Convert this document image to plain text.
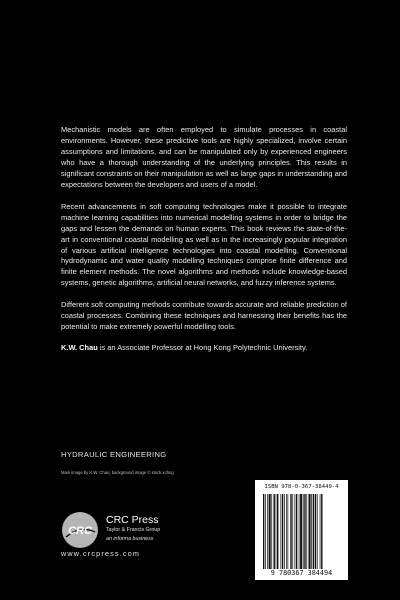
Mechanistic models are often employed to simulate processes in coastal environments. However, these predictive tools are highly specialized, involve certain assumptions and limitations, and can be manipulated only by experienced engineers who have a thorough understanding of the underlying principles. This results in significant constraints on their manipulation as well as large gaps in understanding and expectations between the developers and users of a model.

Recent advancements in soft computing technologies make it possible to integrate machine learning capabilities into numerical modelling systems in order to bridge the gaps and lessen the demands on human experts. This book reviews the state-of-the-art in conventional coastal modelling as well as in the increasingly popular integration of various artificial intelligence technologies into coastal modelling. Conventional hydrodynamic and water quality modelling techniques comprise finite difference and finite element methods. The novel algorithms and methods include knowledge-based systems, genetic algorithms, artificial neural networks, and fuzzy inference systems.

Different soft computing methods contribute towards accurate and reliable prediction of coastal processes. Combining these techniques and harnessing their benefits has the potential to make extremely powerful modelling tools.

K.W. Chau is an Associate Professor at Hong Kong Polytechnic University.

HYDRAULIC ENGINEERING
Main image by K.W. Chau; background image © stock.xchng
CRC
CRC Press
Taylor & Francis Group
an informa business
www.crcpress.com
ISBN 978-0-367-38449-4
9 780367 384494
